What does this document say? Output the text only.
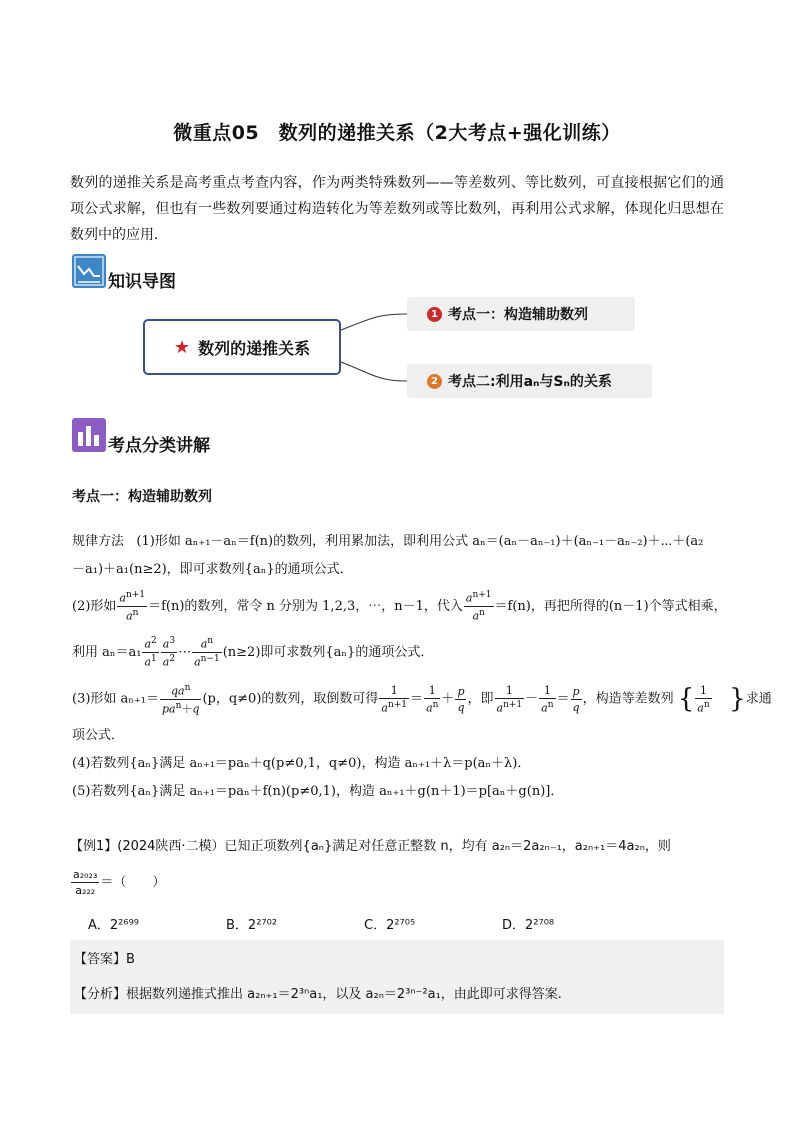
微重点05　数列的递推关系（2大考点+强化训练）
数列的递推关系是高考重点考查内容，作为两类特殊数列——等差数列、等比数列，可直接根据它们的通项公式求解，但也有一些数列要通过构造转化为等差数列或等比数列，再利用公式求解，体现化归思想在数列中的应用．
知识导图
★ 数列的递推关系
1 考点一：构造辅助数列
2 考点二:利用aₙ与Sₙ的关系
考点分类讲解
考点一：构造辅助数列
规律方法 (1)形如 aₙ₊₁－aₙ＝f(n)的数列，利用累加法，即利用公式 aₙ＝(aₙ－aₙ₋₁)＋(aₙ₋₁－aₙ₋₂)＋⋯＋(a₂
－a₁)＋a₁(n≥2)，即可求数列{aₙ}的通项公式．
(2)形如 $\frac{a^{n+1}}{a^n} =f(n)$的数列，常令 n 分别为 1,2,3，⋯，n－1，代入 $\frac{a^{n+1}}{a^n} =f(n)$，再把所得的(n－1)个等式相乘，
利用 $a_n=a_1 \frac{a^2}{a^1} \frac{a^3}{a^2}$ ⋯ $\frac{a^n}{a^{n-1}} (n\ge 2)$即可求数列{aₙ}的通项公式．
(3)形如 $a_{n+1}= \frac{qa^n}{pa^n+q} (p$，q≠0)的数列，取倒数可得 $\frac{1}{a^{n+1}} = \frac{1}{a^n} + \frac{p}{q}$ ，即 $\frac{1}{a^{n+1}} - \frac{1}{a^n} = \frac{p}{q}$ ，构造等差数列 { $\frac{1}{a^n}$ }求通
项公式．
(4)若数列{aₙ}满足 aₙ₊₁＝paₙ＋q(p≠0,1，q≠0)，构造 aₙ₊₁＋λ＝p(aₙ＋λ)．
(5)若数列{aₙ}满足 aₙ₊₁＝paₙ＋f(n)(p≠0,1)，构造 aₙ₊₁＋g(n＋1)＝p[aₙ＋g(n)]．
【例1】(2024陕西·二模）已知正项数列{aₙ}满足对任意正整数 n，均有 a₂ₙ＝2a₂ₙ₋₁，a₂ₙ₊₁＝4a₂ₙ，则
$\frac{\text{a₂₀₂₃}}{\text{a₂₂₂}}$ ＝（　　）
A．2²⁶⁹⁹	B．2²⁷⁰²	C．2²⁷⁰⁵	D．2²⁷⁰⁸
【答案】B
【分析】根据数列递推式推出 a₂ₙ₊₁＝2³ⁿa₁，以及 a₂ₙ＝2³ⁿ⁻²a₁，由此即可求得答案.
